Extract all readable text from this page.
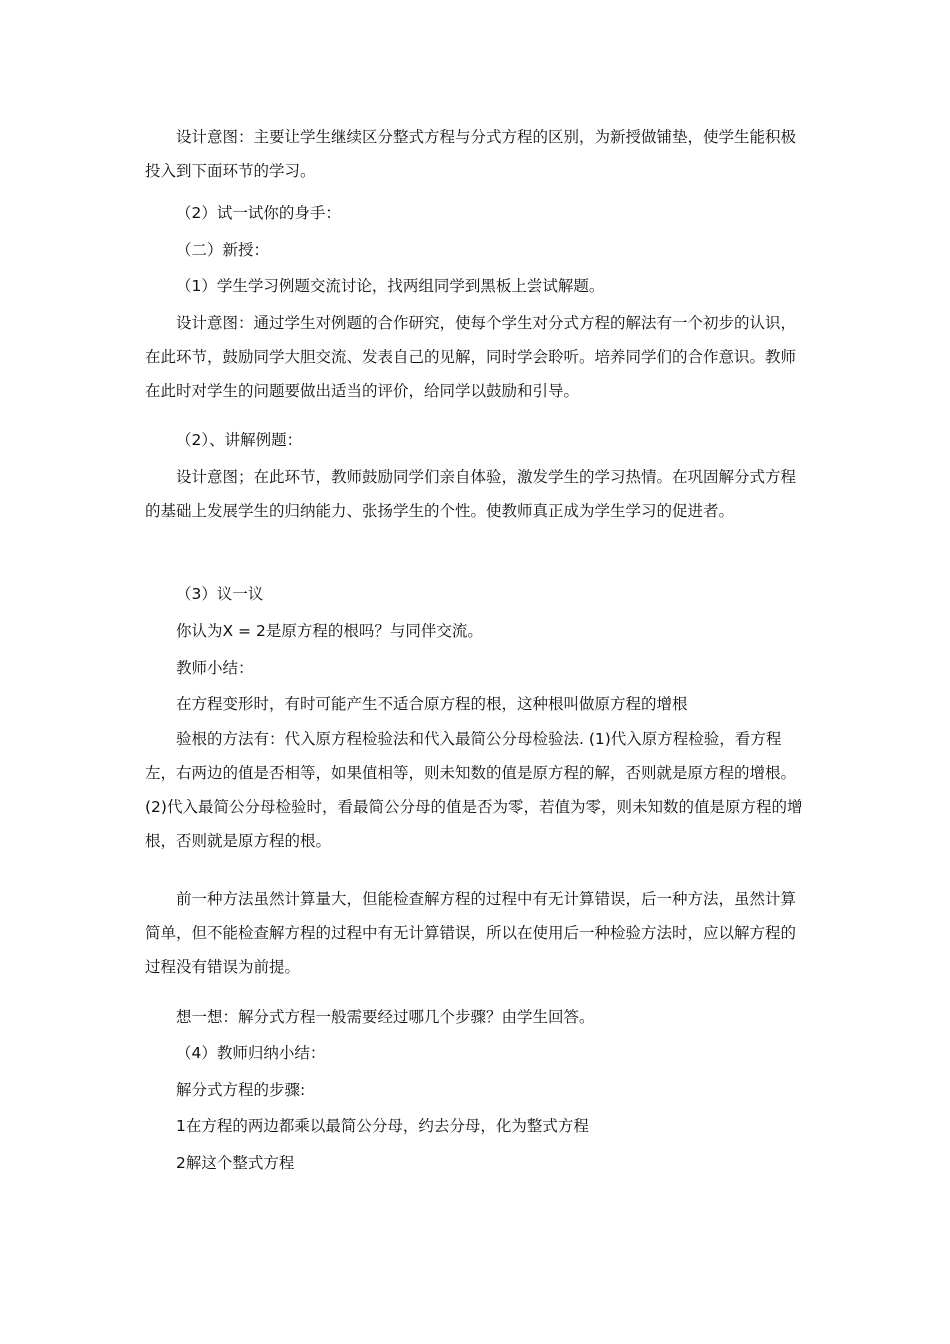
设计意图：主要让学生继续区分整式方程与分式方程的区别，为新授做铺垫，使学生能积极投入到下面环节的学习。

（2）试一试你的身手：

（二）新授：

（1）学生学习例题交流讨论，找两组同学到黑板上尝试解题。

设计意图：通过学生对例题的合作研究，使每个学生对分式方程的解法有一个初步的认识，在此环节，鼓励同学大胆交流、发表自己的见解，同时学会聆听。培养同学们的合作意识。教师在此时对学生的问题要做出适当的评价，给同学以鼓励和引导。

（2）、讲解例题：

设计意图；在此环节，教师鼓励同学们亲自体验，激发学生的学习热情。在巩固解分式方程的基础上发展学生的归纳能力、张扬学生的个性。使教师真正成为学生学习的促进者。

（3）议一议

你认为X = 2是原方程的根吗？与同伴交流。

教师小结：

在方程变形时，有时可能产生不适合原方程的根，这种根叫做原方程的增根

验根的方法有：代入原方程检验法和代入最简公分母检验法. (1)代入原方程检验，看方程左，右两边的值是否相等，如果值相等，则未知数的值是原方程的解，否则就是原方程的增根。 (2)代入最简公分母检验时，看最简公分母的值是否为零，若值为零，则未知数的值是原方程的增根，否则就是原方程的根。

前一种方法虽然计算量大，但能检查解方程的过程中有无计算错误，后一种方法，虽然计算简单，但不能检查解方程的过程中有无计算错误，所以在使用后一种检验方法时，应以解方程的过程没有错误为前提。

想一想：解分式方程一般需要经过哪几个步骤？由学生回答。

（4）教师归纳小结：

解分式方程的步骤:

1在方程的两边都乘以最简公分母，约去分母，化为整式方程

2解这个整式方程
